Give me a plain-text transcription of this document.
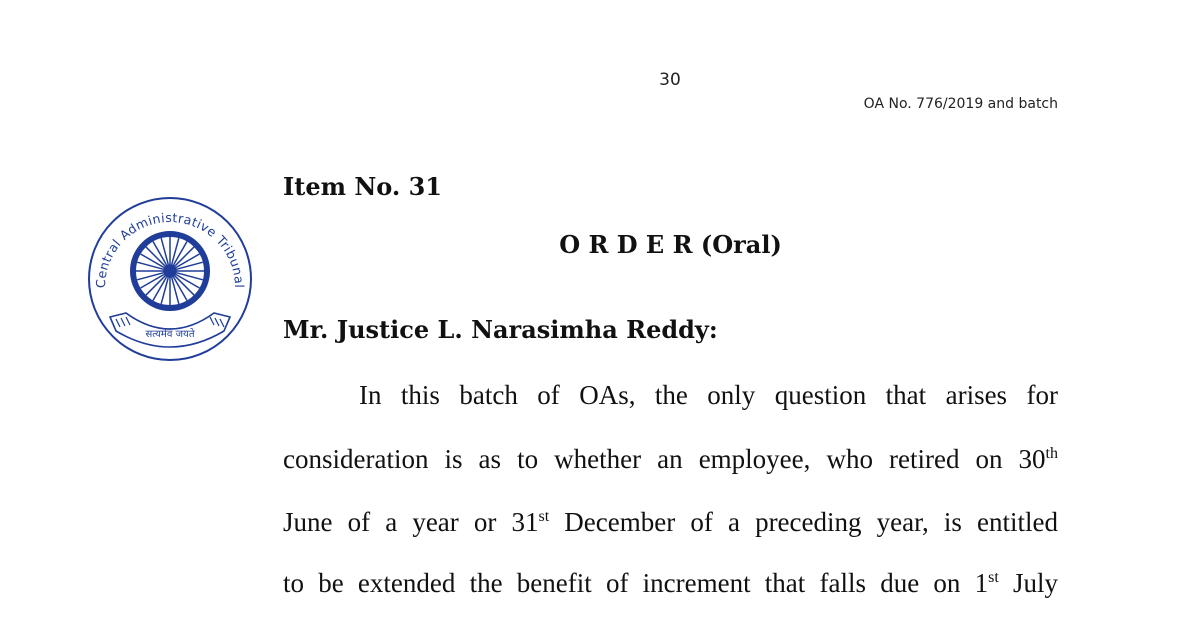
30
OA No. 776/2019 and batch
Central Administrative Tribunal
सत्यमेव जयते
Item No. 31
O R D E R (Oral)
Mr. Justice L. Narasimha Reddy:
In this batch of OAs, the only question that arises for
consideration is as to whether an employee, who retired on 30th
June of a year or 31st December of a preceding year, is entitled
to be extended the benefit of increment that falls due on 1st July
